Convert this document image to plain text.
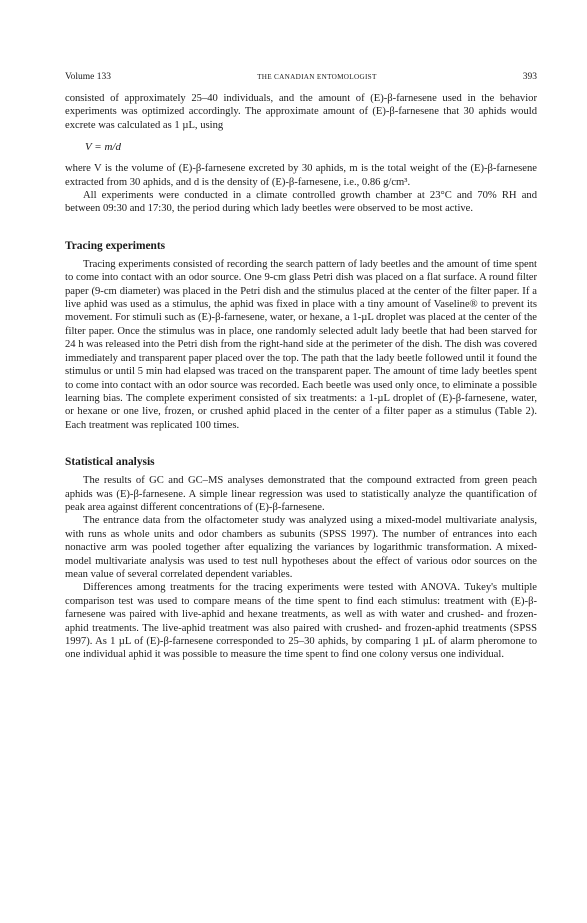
Volume 133	THE CANADIAN ENTOMOLOGIST	393

consisted of approximately 25–40 individuals, and the amount of (E)-β-farnesene used in the behavior experiments was optimized accordingly. The approximate amount of (E)-β-farnesene that 30 aphids would excrete was calculated as 1 µL, using

V = m/d

where V is the volume of (E)-β-farnesene excreted by 30 aphids, m is the total weight of the (E)-β-farnesene extracted from 30 aphids, and d is the density of (E)-β-farnesene, i.e., 0.86 g/cm³.

All experiments were conducted in a climate controlled growth chamber at 23°C and 70% RH and between 09:30 and 17:30, the period during which lady beetles were observed to be most active.

Tracing experiments

Tracing experiments consisted of recording the search pattern of lady beetles and the amount of time spent to come into contact with an odor source. One 9-cm glass Petri dish was placed on a flat surface. A round filter paper (9-cm diameter) was placed in the Petri dish and the stimulus placed at the center of the filter paper. If a live aphid was used as a stimulus, the aphid was fixed in place with a tiny amount of Vaseline® to prevent its movement. For stimuli such as (E)-β-farnesene, water, or hexane, a 1-µL droplet was placed at the center of the filter paper. Once the stimulus was in place, one randomly selected adult lady beetle that had been starved for 24 h was released into the Petri dish from the right-hand side at the perimeter of the dish. The dish was covered immediately and transparent paper placed over the top. The path that the lady beetle followed until it found the stimulus or until 5 min had elapsed was traced on the transparent paper. The amount of time lady beetles spent to come into contact with an odor source was recorded. Each beetle was used only once, to eliminate a possible learning bias. The complete experiment consisted of six treatments: a 1-µL droplet of (E)-β-farnesene, water, or hexane or one live, frozen, or crushed aphid placed in the center of a filter paper as a stimulus (Table 2). Each treatment was replicated 100 times.

Statistical analysis

The results of GC and GC–MS analyses demonstrated that the compound extracted from green peach aphids was (E)-β-farnesene. A simple linear regression was used to statistically analyze the quantification of peak area against different concentrations of (E)-β-farnesene.

The entrance data from the olfactometer study was analyzed using a mixed-model multivariate analysis, with runs as whole units and odor chambers as subunits (SPSS 1997). The number of entrances into each nonactive arm was pooled together after equalizing the variances by logarithmic transformation. A mixed-model multivariate analysis was used to test null hypotheses about the effect of various odor sources on the mean value of several correlated dependent variables.

Differences among treatments for the tracing experiments were tested with ANOVA. Tukey's multiple comparison test was used to compare means of the time spent to find each stimulus: treatment with (E)-β-farnesene was paired with live-aphid and hexane treatments, as well as with water and crushed- and frozen-aphid treatments. The live-aphid treatment was also paired with crushed- and frozen-aphid treatments (SPSS 1997). As 1 µL of (E)-β-farnesene corresponded to 25–30 aphids, by comparing 1 µL of alarm pheromone to one individual aphid it was possible to measure the time spent to find one colony versus one individual.
